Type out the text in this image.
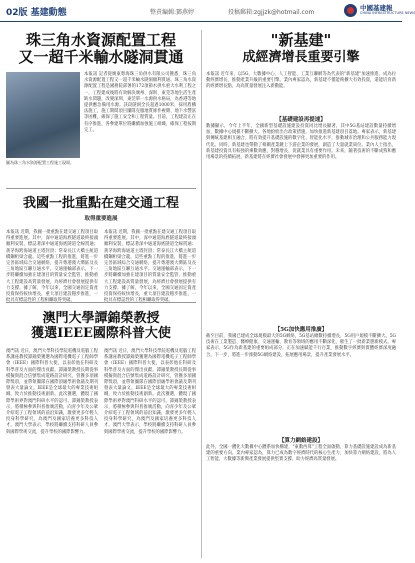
02版 基建動態	整責編輯:鄧燕婷	投稿郵箱:zgjjzk@hotmail.com
中國基建報
CHINA INFRASTRUCTURE NEWS
珠三角水資源配置工程
又一超千米輸水隧洞貫通
本報訊 記者從廣東粵海珠三角供水有限公司獲悉，珠三角水資源配置工程又一超千米輸水隧洞順利貫通。珠三角水資源配置工程是國務院部署的172項節水供水重大水利工程之一，工程建成後將有效解決廣州、深圳、東莞等地生活生產缺水問題，改變深圳、東莞單一水源供水格局，為香港等地提供應急備用水源。該段隧洞全長超過1000米，採用盾構法施工，施工期間項目團隊克服地質條件複雜、地下水豐富等困難，確保了施工安全和工程質量。目前，工程建設正在有序推進，各參建單位將繼續加強施工組織，確保工程按期完工。
圖為珠三角水資源配置工程施工現場。
我國一批重點在建交通工程
取得重要進展
本報訊 近期，我國一批重點在建交通工程項目取得重要進展。其中，深中通道海底隧道最終接頭順利安裝，標誌著深中通道海底隧道全線貫通；黃茅海跨海通道主塔封頂；常泰長江大橋主航道橋鋼桁梁合龍。這些重點工程的推進，將進一步完善區域綜合交通網絡，提升粵港澳大灣區及長三角地區互聯互通水平。交通運輸部表示，下一步將繼續加強在建項目的質量安全監管，推動重大工程建設高質量發展，為經濟社會發展提供有力支撐。據了解，今年以來，全國交通固定資產投資保持較快增長，重大項目建設穩步推進，一批具有標誌性的工程相繼取得突破。
本報訊 近期，我國一批重點在建交通工程項目取得重要進展。其中，深中通道海底隧道最終接頭順利安裝，標誌著深中通道海底隧道全線貫通；黃茅海跨海通道主塔封頂；常泰長江大橋主航道橋鋼桁梁合龍。這些重點工程的推進，將進一步完善區域綜合交通網絡，提升粵港澳大灣區及長三角地區互聯互通水平。交通運輸部表示，下一步將繼續加強在建項目的質量安全監管，推動重大工程建設高質量發展，為經濟社會發展提供有力支撐。據了解，今年以來，全國交通固定資產投資保持較快增長，重大項目建設穩步推進，一批具有標誌性的工程相繼取得突破。
澳門大學譚錦榮教授
獲選IEEE國際科普大使
澳門訊 近日，澳門大學科技學院電機及電腦工程系講座教授譚錦榮獲選為國際電機電子工程師學會（IEEE）國際科普大使，以表彰他在科研及科學普及方面的傑出貢獻。譚錦榮教授長期從事模擬與混合信號集成電路設計研究，曾獲多項國際獎項，並帶領團隊在國際頂級學術會議及期刊發表大量論文。IEEE是全球最大的專業技術組織，致力於推動技術創新。此次獲選，體現了國際學術界對澳門科研水平的認可。譚錦榮教授表示，將積極參與科普推廣活動，向青少年及公眾介紹電子工程領域的前沿知識，激發更多年輕人投身科學研究，為澳門及國家培養更多科技人才。澳門大學表示，學校將繼續支持科研人員參與國際學術交流，提升學校的國際影響力。
澳門訊 近日，澳門大學科技學院電機及電腦工程系講座教授譚錦榮獲選為國際電機電子工程師學會（IEEE）國際科普大使，以表彰他在科研及科學普及方面的傑出貢獻。譚錦榮教授長期從事模擬與混合信號集成電路設計研究，曾獲多項國際獎項，並帶領團隊在國際頂級學術會議及期刊發表大量論文。IEEE是全球最大的專業技術組織，致力於推動技術創新。此次獲選，體現了國際學術界對澳門科研水平的認可。譚錦榮教授表示，將積極參與科普推廣活動，向青少年及公眾介紹電子工程領域的前沿知識，激發更多年輕人投身科學研究，為澳門及國家培養更多科技人才。澳門大學表示，學校將繼續支持科研人員參與國際學術交流，提升學校的國際影響力。
"新基建"
成經濟增長重要引擎
本報訊 近年來，以5G、大數據中心、人工智能、工業互聯網等為代表的"新基建"加速推進，成為拉動經濟增長、推動產業升級的重要引擎。業內專家認為，新基建不僅能夠擴大有效投資，還能培育新的經濟增長點，為高質量發展注入新動能。
【基礎建設再提速】
數據顯示，今年上半年，全國新型基礎設施建設投資同比增長顯著，其中5G基站建設數量持續增加，數據中心規模不斷擴大。各地紛紛出台政策措施，加快推進新基建項目落地。專家表示，新基建與傳統基建相互融合，將有效提升基礎設施的數字化、智能化水平，推動城市治理和公共服務能力現代化。同時，新基建也帶動了相關產業鏈上下游企業的發展，創造了大量就業崗位。業內人士指出，新基建投資具有較強的乘數效應，對穩增長、促就業具有重要作用。未來，隨著技術的不斷成熟和應用場景的持續拓展，新基建將在經濟社會發展中發揮更加重要的作用。
【5G加快應用推廣】
截至目前，我國已建成全球規模最大的5G網絡，5G基站總數持續增長，5G用戶規模不斷擴大。5G技術在工業製造、醫療健康、交通運輸、教育等領域的應用不斷深化，催生了一批新業態新模式。專家表示，5G作為新基建的重要組成部分，正在加速賦能千行百業，推動數字經濟與實體經濟深度融合。下一步，將進一步推動5G網絡建設，拓展應用場景，提升產業發展水平。
【算力網絡建設】
此外，全國一體化大數據中心體系加快構建，"東數西算"工程全面啟動，算力基礎設施建設成為新基建的重要方向。業內專家認為，算力已成為數字經濟時代的核心生產力，加快算力網絡建設，將為人工智能、大數據等新興產業發展提供堅實支撐，助力經濟高質量發展。
